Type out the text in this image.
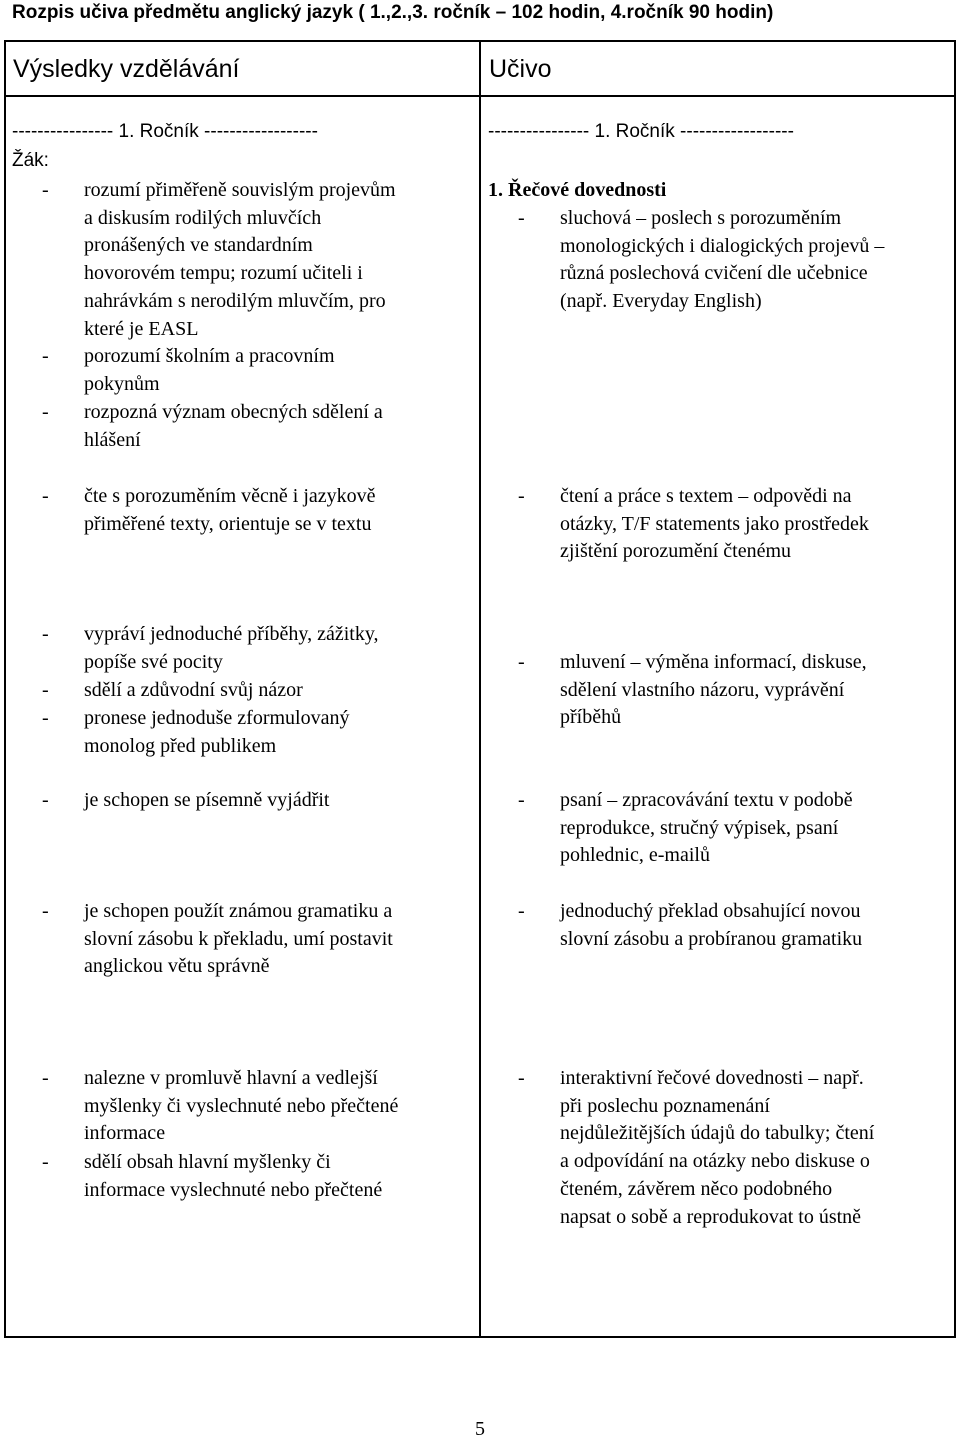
Rozpis učiva předmětu anglický jazyk ( 1.,2.,3. ročník – 102 hodin, 4.ročník 90 hodin)
Výsledky vzdělávání	Učivo
---------------- 1. Ročník ------------------
Žák:
- rozumí přiměřeně souvislým projevům
a diskusím rodilých mluvčích
pronášených ve standardním
hovorovém tempu; rozumí učiteli i
nahrávkám s nerodilým mluvčím, pro
které je EASL
- porozumí školním a pracovním
pokynům
- rozpozná význam obecných sdělení a
hlášení
- čte s porozuměním věcně i jazykově
přiměřené texty, orientuje se v textu
- vypráví jednoduché příběhy, zážitky,
popíše své pocity
- sdělí a zdůvodní svůj názor
- pronese jednoduše zformulovaný
monolog před publikem
- je schopen se písemně vyjádřit
- je schopen použít známou gramatiku a
slovní zásobu k překladu, umí postavit
anglickou větu správně
- nalezne v promluvě hlavní a vedlejší
myšlenky či vyslechnuté nebo přečtené
informace
- sdělí obsah hlavní myšlenky či
informace vyslechnuté nebo přečtené
---------------- 1. Ročník ------------------
1. Řečové dovednosti
- sluchová – poslech s porozuměním
monologických i dialogických projevů –
různá poslechová cvičení dle učebnice
(např. Everyday English)
- čtení a práce s textem – odpovědi na
otázky, T/F statements jako prostředek
zjištění porozumění čtenému
- mluvení – výměna informací, diskuse,
sdělení vlastního názoru, vyprávění
příběhů
- psaní – zpracovávání textu v podobě
reprodukce, stručný výpisek, psaní
pohlednic, e-mailů
- jednoduchý překlad obsahující novou
slovní zásobu a probíranou gramatiku
- interaktivní řečové dovednosti – např.
při poslechu poznamenání
nejdůležitějších údajů do tabulky; čtení
a odpovídání na otázky nebo diskuse o
čteném, závěrem něco podobného
napsat o sobě a reprodukovat to ústně
5
